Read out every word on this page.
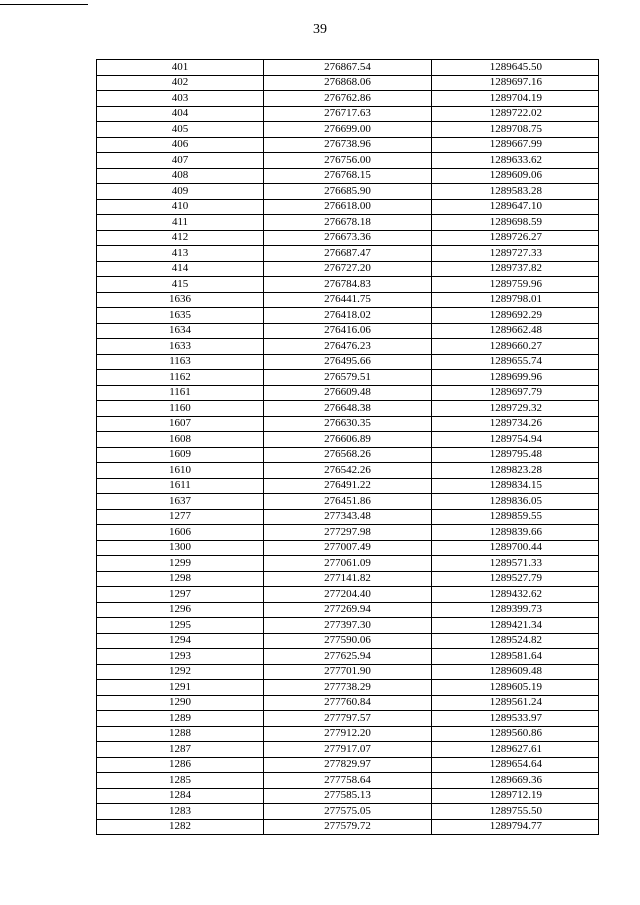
39
401	276867.54	1289645.50
402	276868.06	1289697.16
403	276762.86	1289704.19
404	276717.63	1289722.02
405	276699.00	1289708.75
406	276738.96	1289667.99
407	276756.00	1289633.62
408	276768.15	1289609.06
409	276685.90	1289583.28
410	276618.00	1289647.10
411	276678.18	1289698.59
412	276673.36	1289726.27
413	276687.47	1289727.33
414	276727.20	1289737.82
415	276784.83	1289759.96
1636	276441.75	1289798.01
1635	276418.02	1289692.29
1634	276416.06	1289662.48
1633	276476.23	1289660.27
1163	276495.66	1289655.74
1162	276579.51	1289699.96
1161	276609.48	1289697.79
1160	276648.38	1289729.32
1607	276630.35	1289734.26
1608	276606.89	1289754.94
1609	276568.26	1289795.48
1610	276542.26	1289823.28
1611	276491.22	1289834.15
1637	276451.86	1289836.05
1277	277343.48	1289859.55
1606	277297.98	1289839.66
1300	277007.49	1289700.44
1299	277061.09	1289571.33
1298	277141.82	1289527.79
1297	277204.40	1289432.62
1296	277269.94	1289399.73
1295	277397.30	1289421.34
1294	277590.06	1289524.82
1293	277625.94	1289581.64
1292	277701.90	1289609.48
1291	277738.29	1289605.19
1290	277760.84	1289561.24
1289	277797.57	1289533.97
1288	277912.20	1289560.86
1287	277917.07	1289627.61
1286	277829.97	1289654.64
1285	277758.64	1289669.36
1284	277585.13	1289712.19
1283	277575.05	1289755.50
1282	277579.72	1289794.77
